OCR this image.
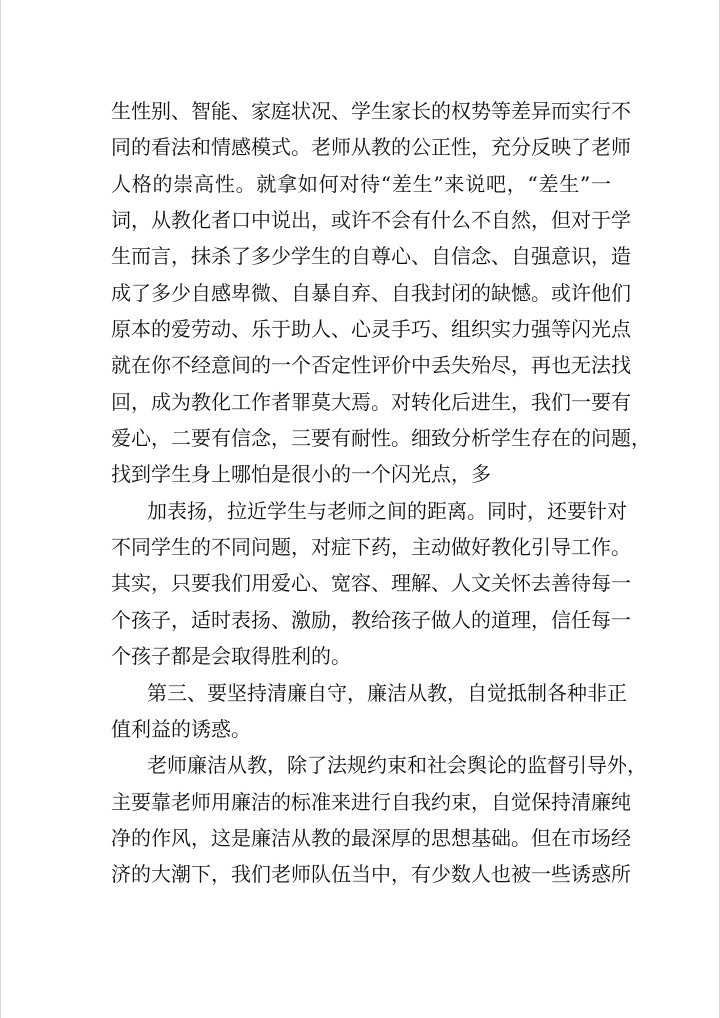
生性别、智能、家庭状况、学生家长的权势等差异而实行不
同的看法和情感模式。老师从教的公正性，充分反映了老师
人格的崇高性。就拿如何对待“差生”来说吧，“差生”一
词，从教化者口中说出，或许不会有什么不自然，但对于学
生而言，抹杀了多少学生的自尊心、自信念、自强意识，造
成了多少自感卑微、自暴自弃、自我封闭的缺憾。或许他们
原本的爱劳动、乐于助人、心灵手巧、组织实力强等闪光点
就在你不经意间的一个否定性评价中丢失殆尽，再也无法找
回，成为教化工作者罪莫大焉。对转化后进生，我们一要有
爱心，二要有信念，三要有耐性。细致分析学生存在的问题，
找到学生身上哪怕是很小的一个闪光点，多
加表扬，拉近学生与老师之间的距离。同时，还要针对
不同学生的不同问题，对症下药，主动做好教化引导工作。
其实，只要我们用爱心、宽容、理解、人文关怀去善待每一
个孩子，适时表扬、激励，教给孩子做人的道理，信任每一
个孩子都是会取得胜利的。
第三、要坚持清廉自守，廉洁从教，自觉抵制各种非正
值利益的诱惑。
老师廉洁从教，除了法规约束和社会舆论的监督引导外，
主要靠老师用廉洁的标准来进行自我约束，自觉保持清廉纯
净的作风，这是廉洁从教的最深厚的思想基础。但在市场经
济的大潮下，我们老师队伍当中，有少数人也被一些诱惑所
